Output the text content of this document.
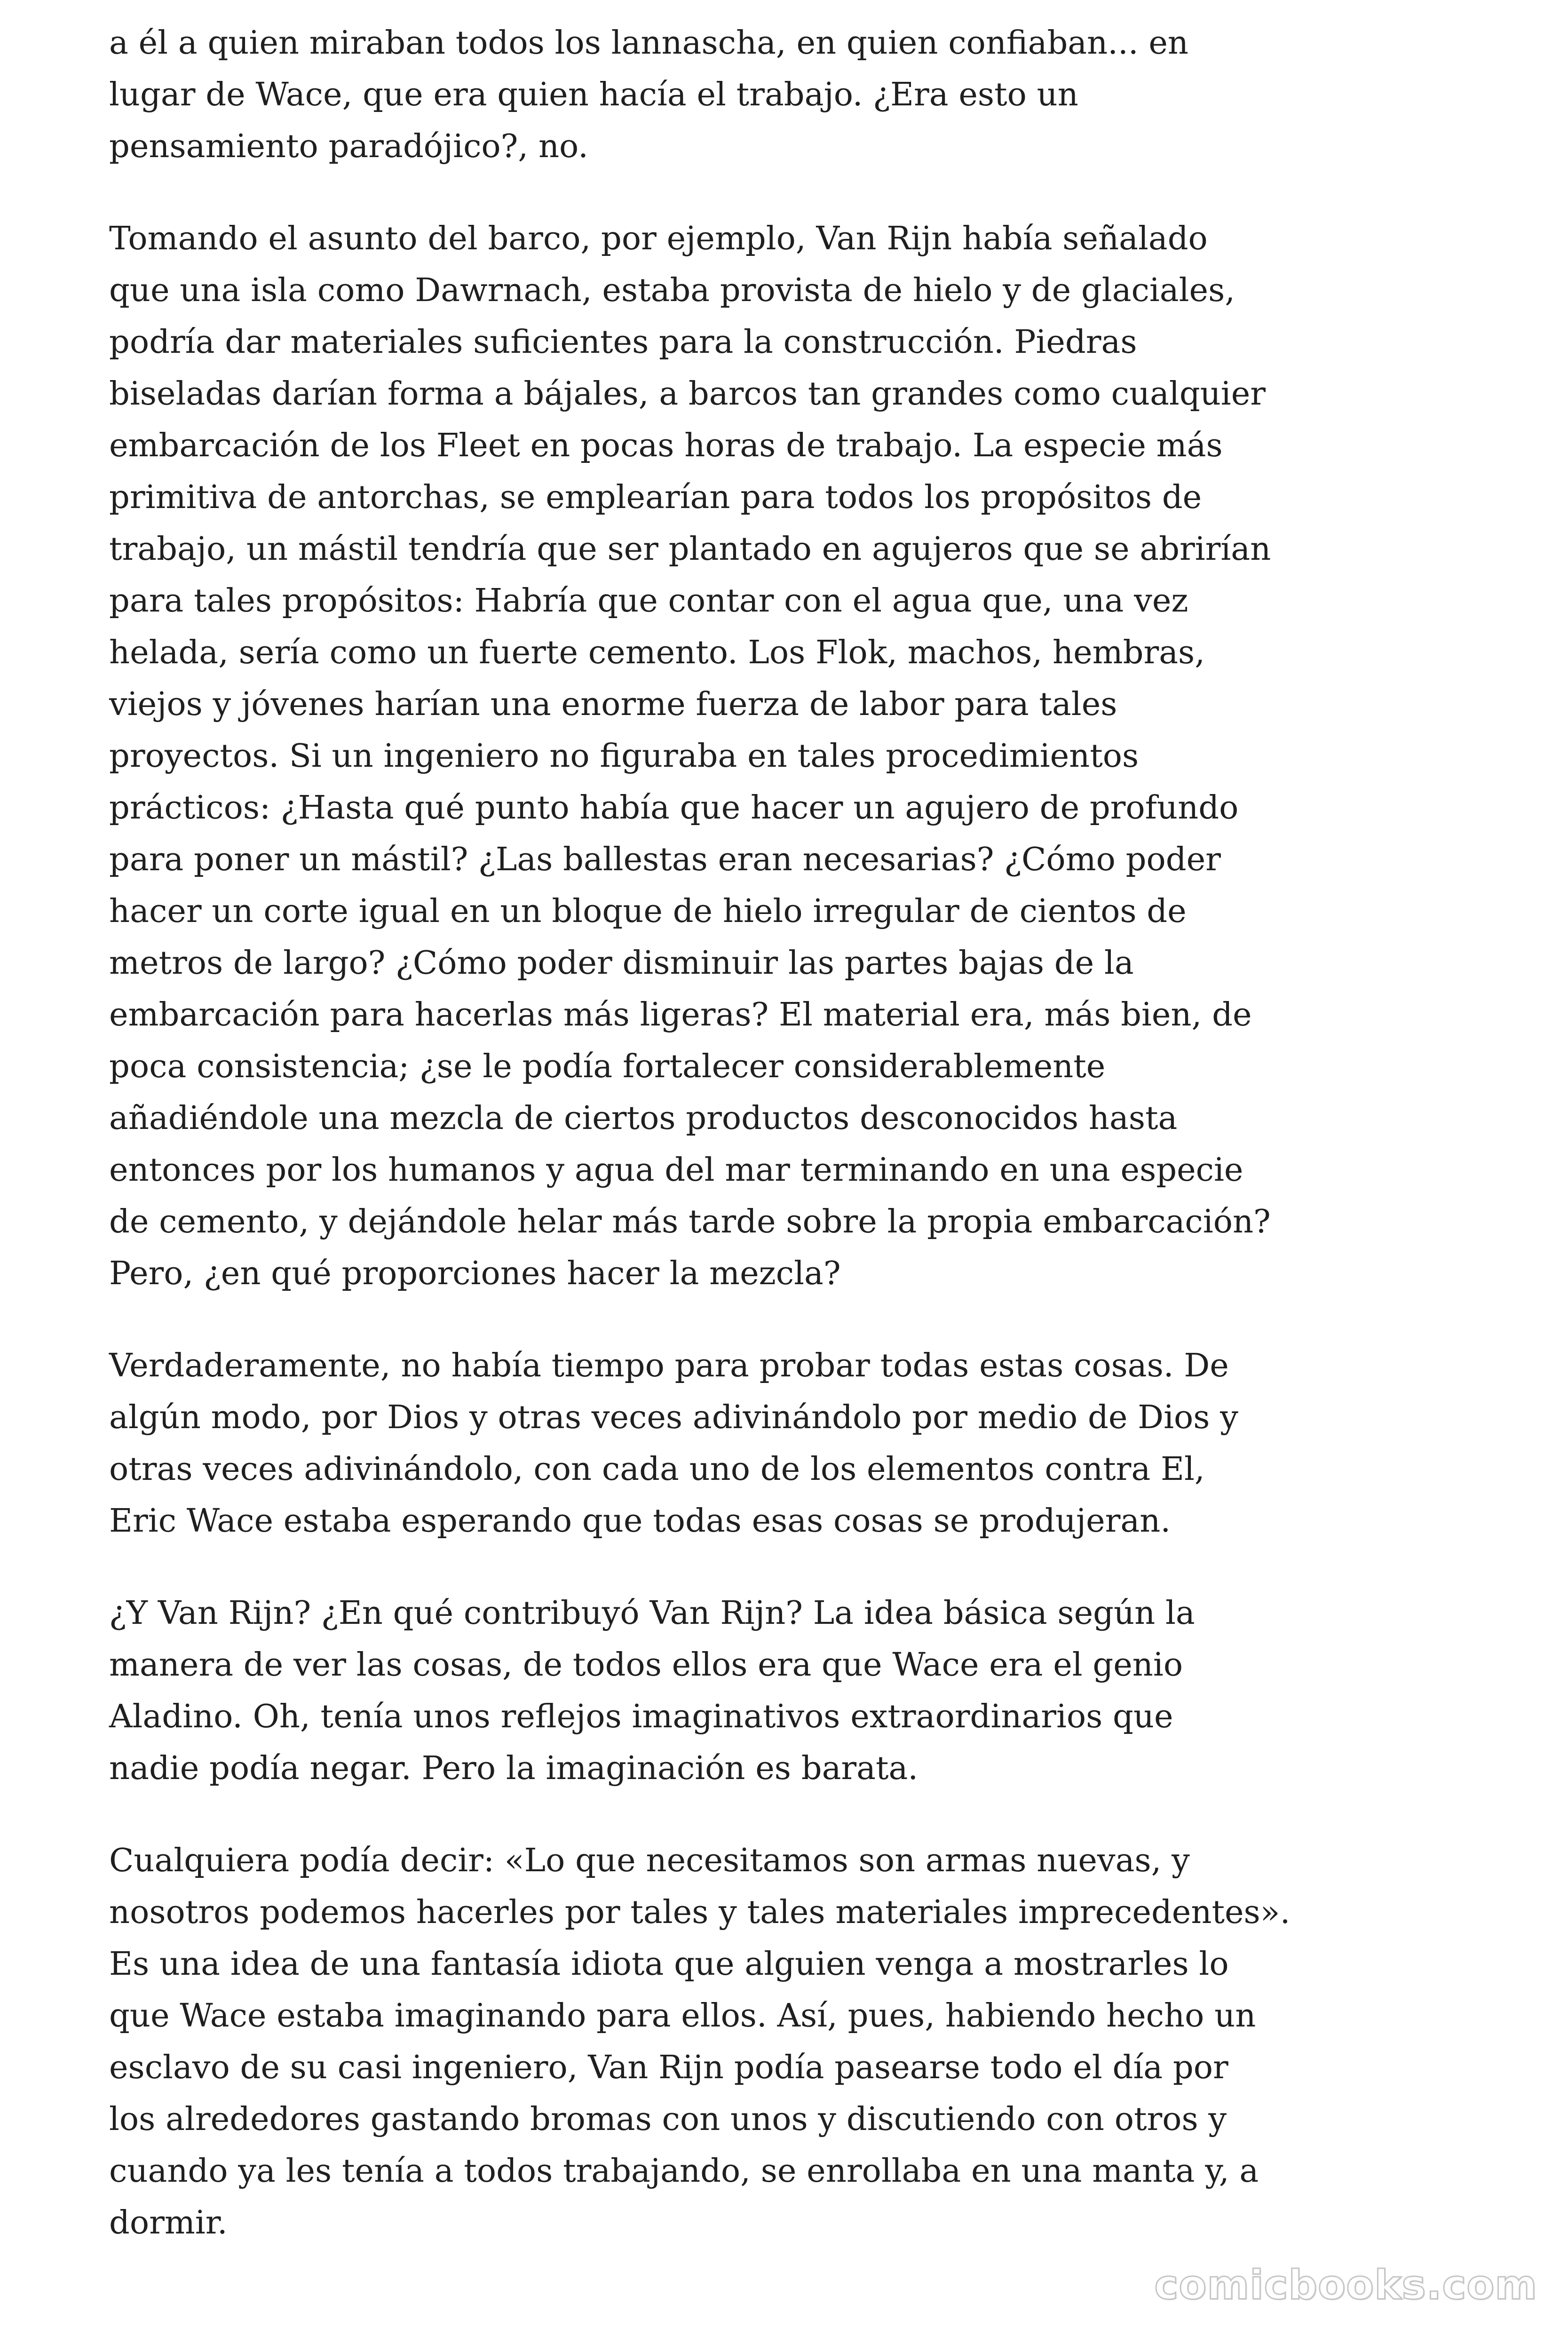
a él a quien miraban todos los lannascha, en quien confiaban... en
lugar de Wace, que era quien hacía el trabajo. ¿Era esto un
pensamiento paradójico?, no.

Tomando el asunto del barco, por ejemplo, Van Rijn había señalado
que una isla como Dawrnach, estaba provista de hielo y de glaciales,
podría dar materiales suficientes para la construcción. Piedras
biseladas darían forma a bájales, a barcos tan grandes como cualquier
embarcación de los Fleet en pocas horas de trabajo. La especie más
primitiva de antorchas, se emplearían para todos los propósitos de
trabajo, un mástil tendría que ser plantado en agujeros que se abrirían
para tales propósitos: Habría que contar con el agua que, una vez
helada, sería como un fuerte cemento. Los Flok, machos, hembras,
viejos y jóvenes harían una enorme fuerza de labor para tales
proyectos. Si un ingeniero no figuraba en tales procedimientos
prácticos: ¿Hasta qué punto había que hacer un agujero de profundo
para poner un mástil? ¿Las ballestas eran necesarias? ¿Cómo poder
hacer un corte igual en un bloque de hielo irregular de cientos de
metros de largo? ¿Cómo poder disminuir las partes bajas de la
embarcación para hacerlas más ligeras? El material era, más bien, de
poca consistencia; ¿se le podía fortalecer considerablemente
añadiéndole una mezcla de ciertos productos desconocidos hasta
entonces por los humanos y agua del mar terminando en una especie
de cemento, y dejándole helar más tarde sobre la propia embarcación?
Pero, ¿en qué proporciones hacer la mezcla?

Verdaderamente, no había tiempo para probar todas estas cosas. De
algún modo, por Dios y otras veces adivinándolo por medio de Dios y
otras veces adivinándolo, con cada uno de los elementos contra El,
Eric Wace estaba esperando que todas esas cosas se produjeran.

¿Y Van Rijn? ¿En qué contribuyó Van Rijn? La idea básica según la
manera de ver las cosas, de todos ellos era que Wace era el genio
Aladino. Oh, tenía unos reflejos imaginativos extraordinarios que
nadie podía negar. Pero la imaginación es barata.

Cualquiera podía decir: «Lo que necesitamos son armas nuevas, y
nosotros podemos hacerles por tales y tales materiales imprecedentes».
Es una idea de una fantasía idiota que alguien venga a mostrarles lo
que Wace estaba imaginando para ellos. Así, pues, habiendo hecho un
esclavo de su casi ingeniero, Van Rijn podía pasearse todo el día por
los alrededores gastando bromas con unos y discutiendo con otros y
cuando ya les tenía a todos trabajando, se enrollaba en una manta y, a
dormir.

comicbooks.com
